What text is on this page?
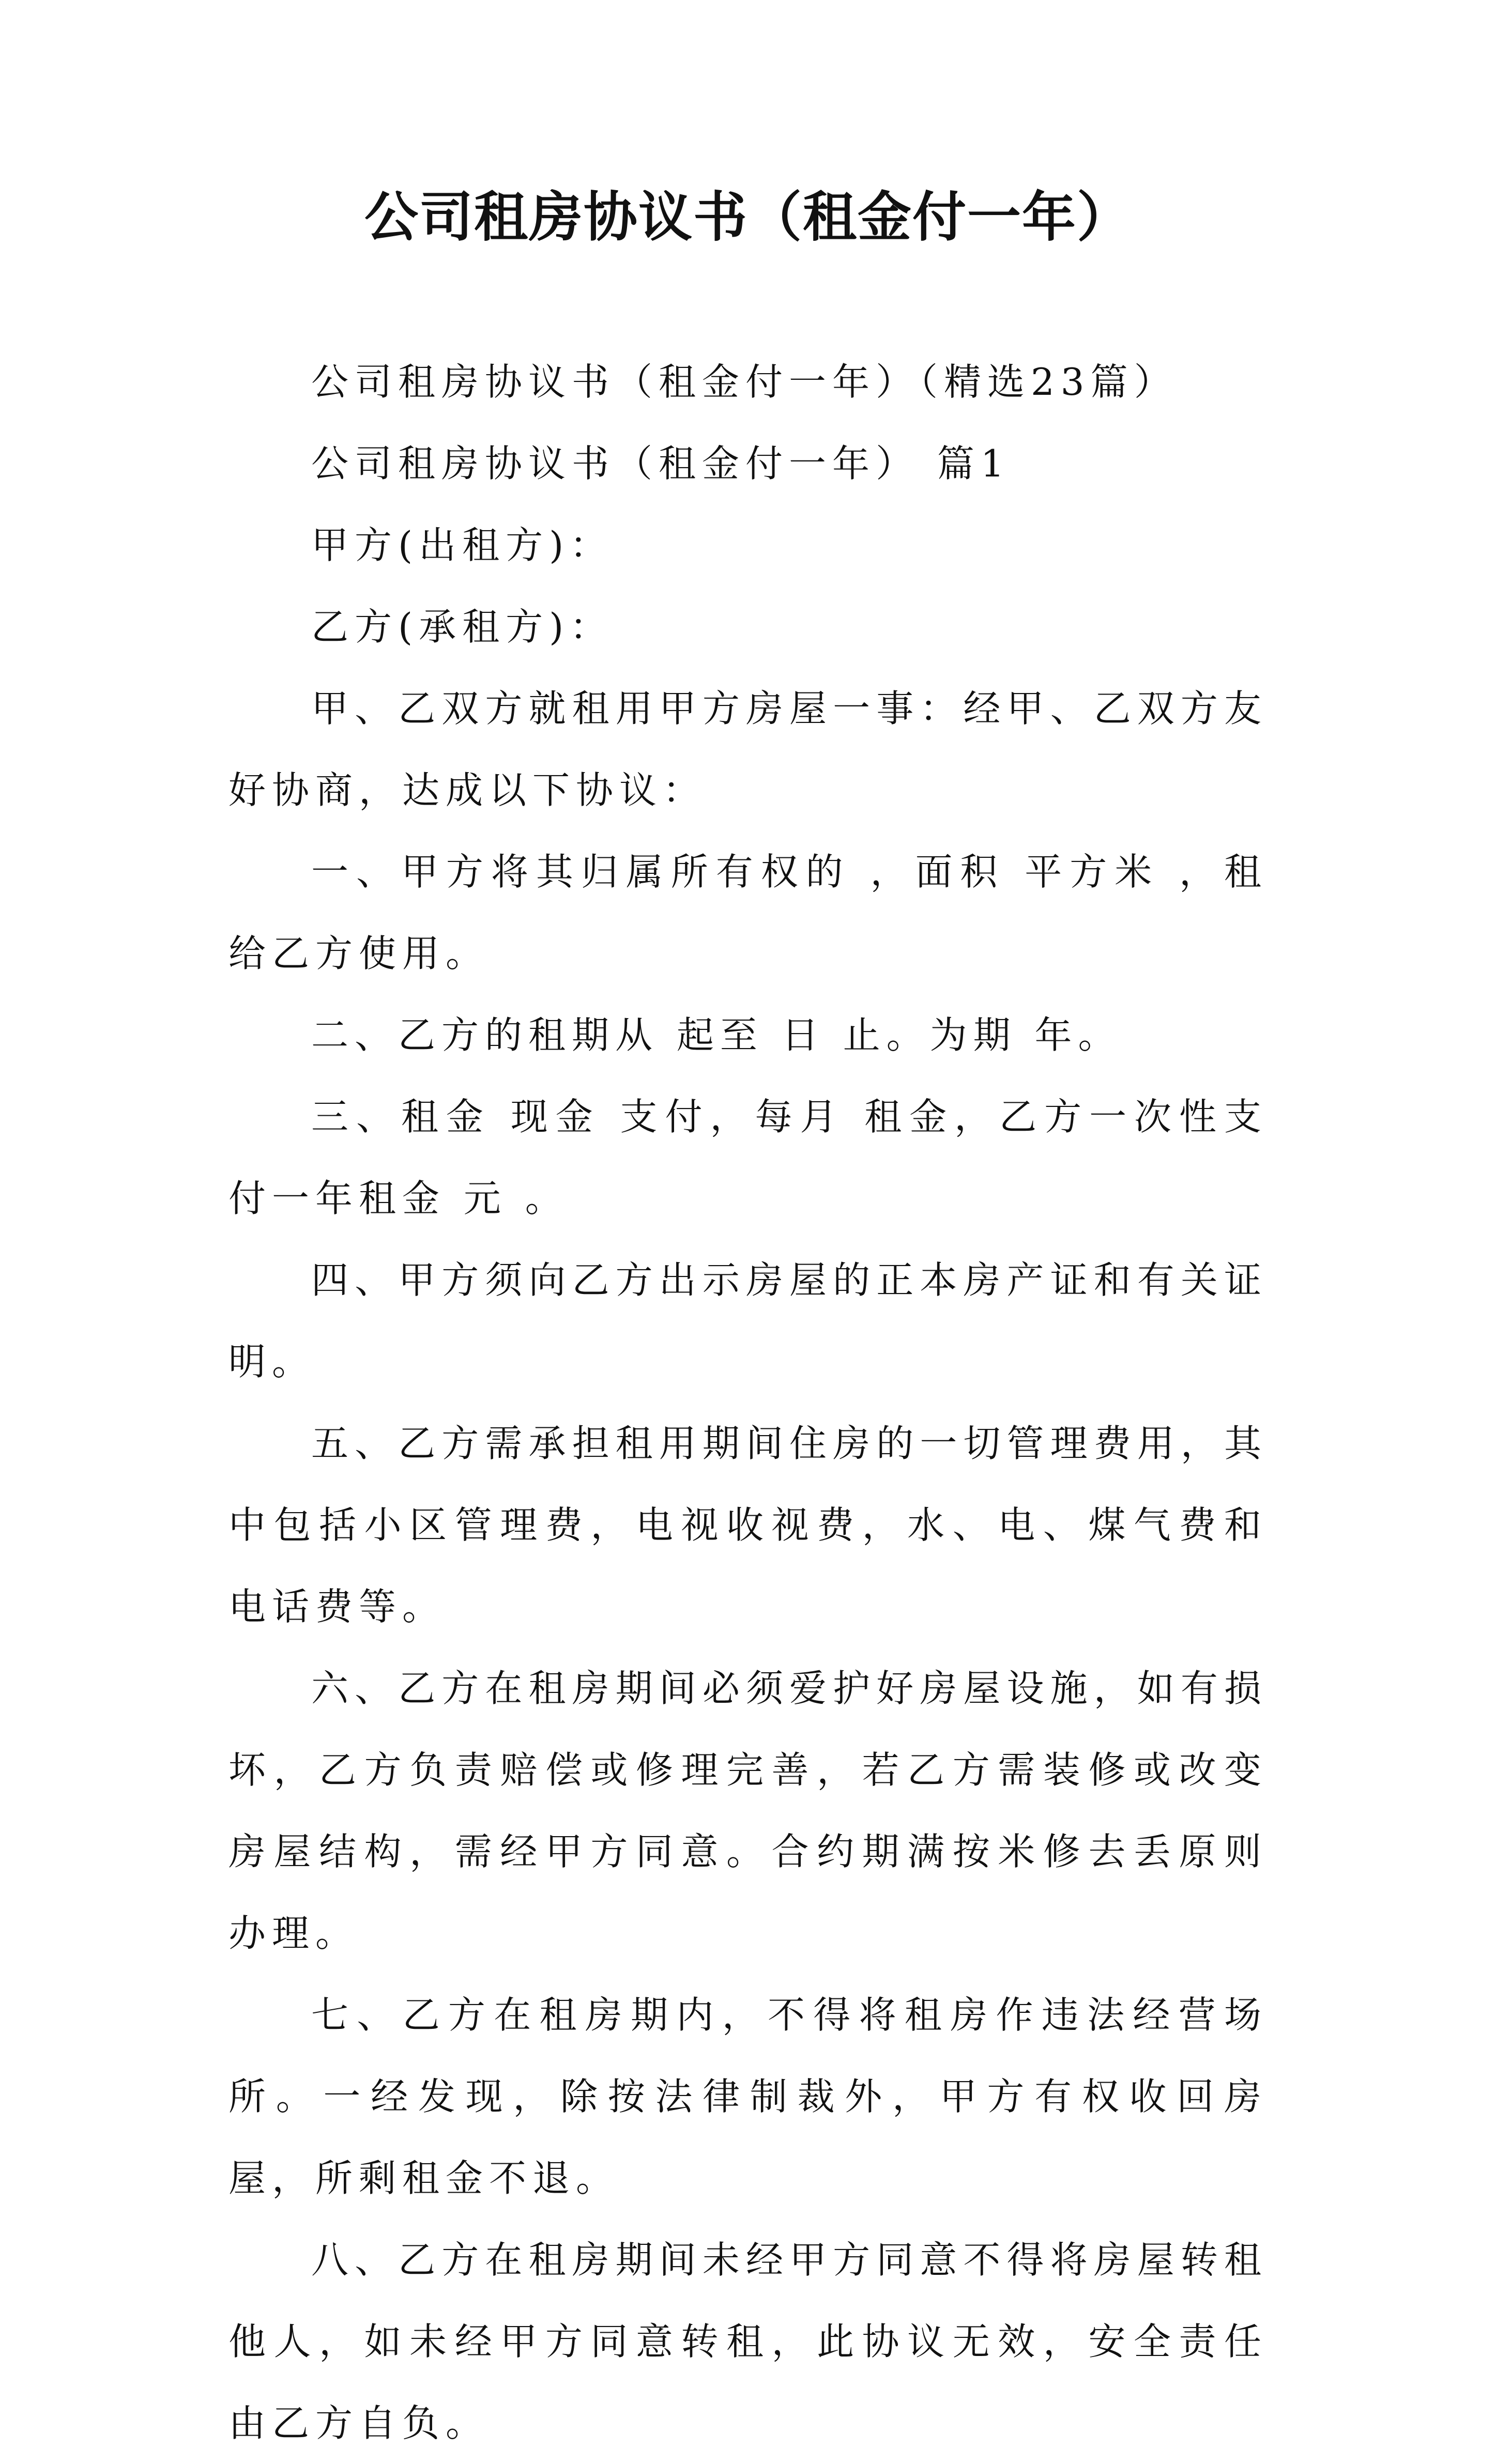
公司租房协议书（租金付一年）

公司租房协议书（租金付一年）（精选23篇）

公司租房协议书（租金付一年） 篇1

甲方(出租方)：

乙方(承租方)：

甲、乙双方就租用甲方房屋一事：经甲、乙双方友好协商，达成以下协议：

一、甲方将其归属所有权的 ，面积 平方米 ，租给乙方使用。

二、乙方的租期从 起至 日 止。为期 年。

三、租金 现金 支付，每月 租金，乙方一次性支付一年租金 元 。

四、甲方须向乙方出示房屋的正本房产证和有关证明。

五、乙方需承担租用期间住房的一切管理费用，其中包括小区管理费，电视收视费，水、电、煤气费和电话费等。

六、乙方在租房期间必须爱护好房屋设施，如有损坏，乙方负责赔偿或修理完善，若乙方需装修或改变房屋结构，需经甲方同意。合约期满按米修去丢原则办理。

七、乙方在租房期内，不得将租房作违法经营场所。一经发现，除按法律制裁外，甲方有权收回房屋，所剩租金不退。

八、乙方在租房期间未经甲方同意不得将房屋转租他人，如未经甲方同意转租，此协议无效，安全责任由乙方自负。
